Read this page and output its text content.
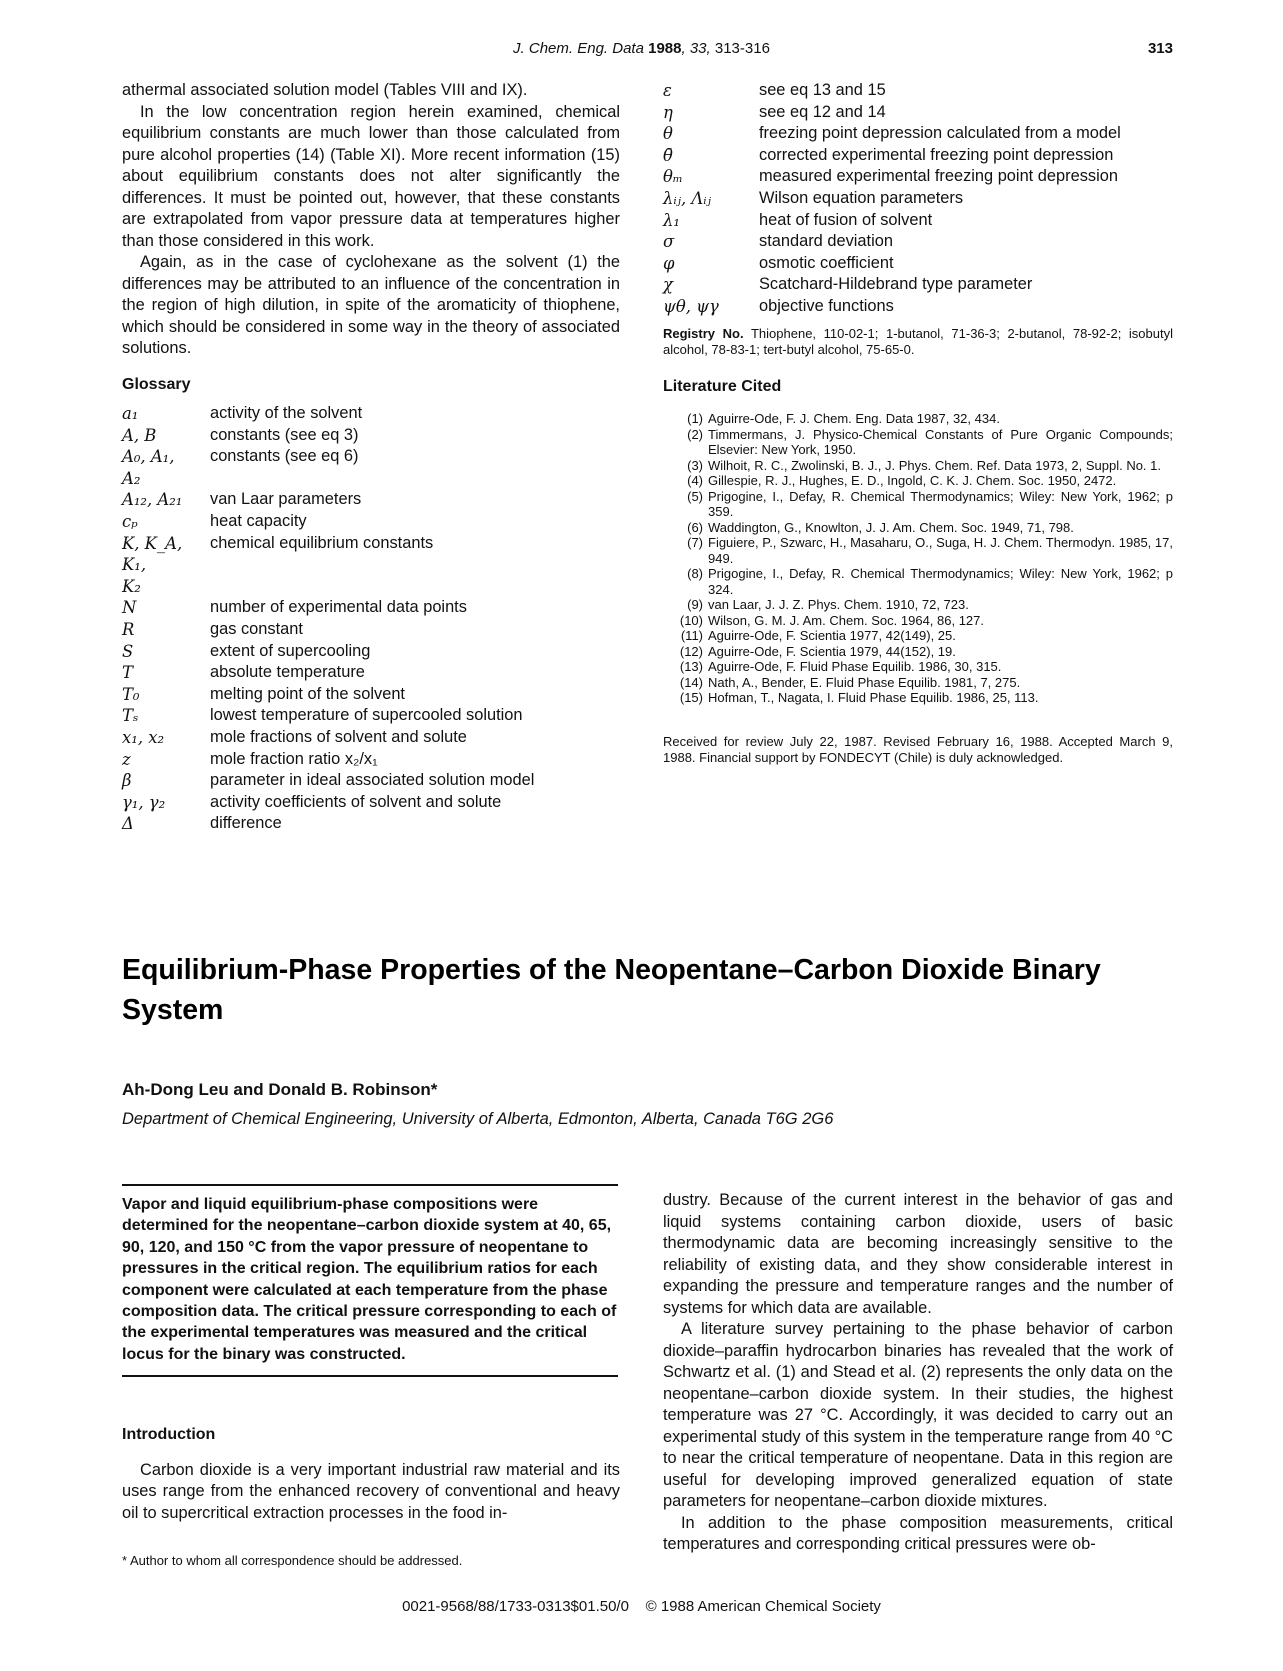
J. Chem. Eng. Data 1988, 33, 313-316	313

athermal associated solution model (Tables VIII and IX).

In the low concentration region herein examined, chemical equilibrium constants are much lower than those calculated from pure alcohol properties (14) (Table XI). More recent information (15) about equilibrium constants does not alter significantly the differences. It must be pointed out, however, that these constants are extrapolated from vapor pressure data at temperatures higher than those considered in this work.

Again, as in the case of cyclohexane as the solvent (1) the differences may be attributed to an influence of the concentration in the region of high dilution, in spite of the aromaticity of thiophene, which should be considered in some way in the theory of associated solutions.

Glossary
a₁	activity of the solvent
A, B	constants (see eq 3)
A₀, A₁,
A₂	constants (see eq 6)
A₁₂, A₂₁	van Laar parameters
cₚ	heat capacity
K, K_A,
K₁,
K₂	chemical equilibrium constants
N	number of experimental data points
R	gas constant
S	extent of supercooling
T	absolute temperature
T₀	melting point of the solvent
Tₛ	lowest temperature of supercooled solution
x₁, x₂	mole fractions of solvent and solute
z	mole fraction ratio x₂/x₁
β	parameter in ideal associated solution model
γ₁, γ₂	activity coefficients of solvent and solute
Δ	difference
ε	see eq 13 and 15
η	see eq 12 and 14
θ	freezing point depression calculated from a model
θ̄	corrected experimental freezing point depression
θₘ	measured experimental freezing point depression
λᵢⱼ, Λᵢⱼ	Wilson equation parameters
λ₁	heat of fusion of solvent
σ	standard deviation
φ	osmotic coefficient
χ	Scatchard-Hildebrand type parameter
ψθ, ψγ	objective functions
Registry No. Thiophene, 110-02-1; 1-butanol, 71-36-3; 2-butanol, 78-92-2; isobutyl alcohol, 78-83-1; tert-butyl alcohol, 75-65-0.
Literature Cited
(1) Aguirre-Ode, F. J. Chem. Eng. Data 1987, 32, 434.
(2) Timmermans, J. Physico-Chemical Constants of Pure Organic Compounds; Elsevier: New York, 1950.
(3) Wilhoit, R. C., Zwolinski, B. J., J. Phys. Chem. Ref. Data 1973, 2, Suppl. No. 1.
(4) Gillespie, R. J., Hughes, E. D., Ingold, C. K. J. Chem. Soc. 1950, 2472.
(5) Prigogine, I., Defay, R. Chemical Thermodynamics; Wiley: New York, 1962; p 359.
(6) Waddington, G., Knowlton, J. J. Am. Chem. Soc. 1949, 71, 798.
(7) Figuiere, P., Szwarc, H., Masaharu, O., Suga, H. J. Chem. Thermodyn. 1985, 17, 949.
(8) Prigogine, I., Defay, R. Chemical Thermodynamics; Wiley: New York, 1962; p 324.
(9) van Laar, J. J. Z. Phys. Chem. 1910, 72, 723.
(10) Wilson, G. M. J. Am. Chem. Soc. 1964, 86, 127.
(11) Aguirre-Ode, F. Scientia 1977, 42(149), 25.
(12) Aguirre-Ode, F. Scientia 1979, 44(152), 19.
(13) Aguirre-Ode, F. Fluid Phase Equilib. 1986, 30, 315.
(14) Nath, A., Bender, E. Fluid Phase Equilib. 1981, 7, 275.
(15) Hofman, T., Nagata, I. Fluid Phase Equilib. 1986, 25, 113.
Received for review July 22, 1987. Revised February 16, 1988. Accepted March 9, 1988. Financial support by FONDECYT (Chile) is duly acknowledged.
Equilibrium-Phase Properties of the Neopentane–Carbon Dioxide Binary System
Ah-Dong Leu and Donald B. Robinson*
Department of Chemical Engineering, University of Alberta, Edmonton, Alberta, Canada T6G 2G6
Vapor and liquid equilibrium-phase compositions were determined for the neopentane–carbon dioxide system at 40, 65, 90, 120, and 150 °C from the vapor pressure of neopentane to pressures in the critical region. The equilibrium ratios for each component were calculated at each temperature from the phase composition data. The critical pressure corresponding to each of the experimental temperatures was measured and the critical locus for the binary was constructed.
Introduction

Carbon dioxide is a very important industrial raw material and its uses range from the enhanced recovery of conventional and heavy oil to supercritical extraction processes in the food in-

* Author to whom all correspondence should be addressed.

dustry. Because of the current interest in the behavior of gas and liquid systems containing carbon dioxide, users of basic thermodynamic data are becoming increasingly sensitive to the reliability of existing data, and they show considerable interest in expanding the pressure and temperature ranges and the number of systems for which data are available.

A literature survey pertaining to the phase behavior of carbon dioxide–paraffin hydrocarbon binaries has revealed that the work of Schwartz et al. (1) and Stead et al. (2) represents the only data on the neopentane–carbon dioxide system. In their studies, the highest temperature was 27 °C. Accordingly, it was decided to carry out an experimental study of this system in the temperature range from 40 °C to near the critical temperature of neopentane. Data in this region are useful for developing improved generalized equation of state parameters for neopentane–carbon dioxide mixtures.

In addition to the phase composition measurements, critical temperatures and corresponding critical pressures were ob-

0021-9568/88/1733-0313$01.50/0 © 1988 American Chemical Society
